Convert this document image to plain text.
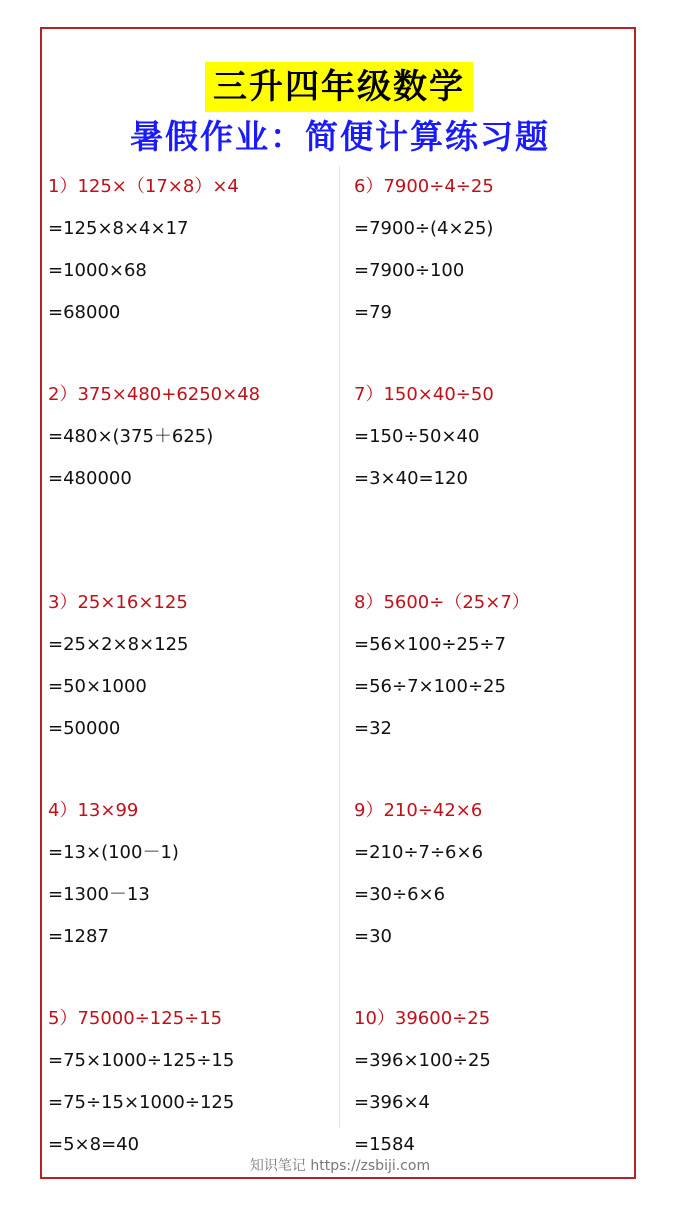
三升四年级数学
暑假作业：简便计算练习题
1）125×（17×8）×4
=125×8×4×17
=1000×68
=68000
2）375×480+6250×48
=480×(375＋625)
=480000
3）25×16×125
=25×2×8×125
=50×1000
=50000
4）13×99
=13×(100－1)
=1300－13
=1287
5）75000÷125÷15
=75×1000÷125÷15
=75÷15×1000÷125
=5×8=40
6）7900÷4÷25
=7900÷(4×25)
=7900÷100
=79
7）150×40÷50
=150÷50×40
=3×40=120
8）5600÷（25×7）
=56×100÷25÷7
=56÷7×100÷25
=32
9）210÷42×6
=210÷7÷6×6
=30÷6×6
=30
10）39600÷25
=396×100÷25
=396×4
=1584
知识笔记 https://zsbiji.com
